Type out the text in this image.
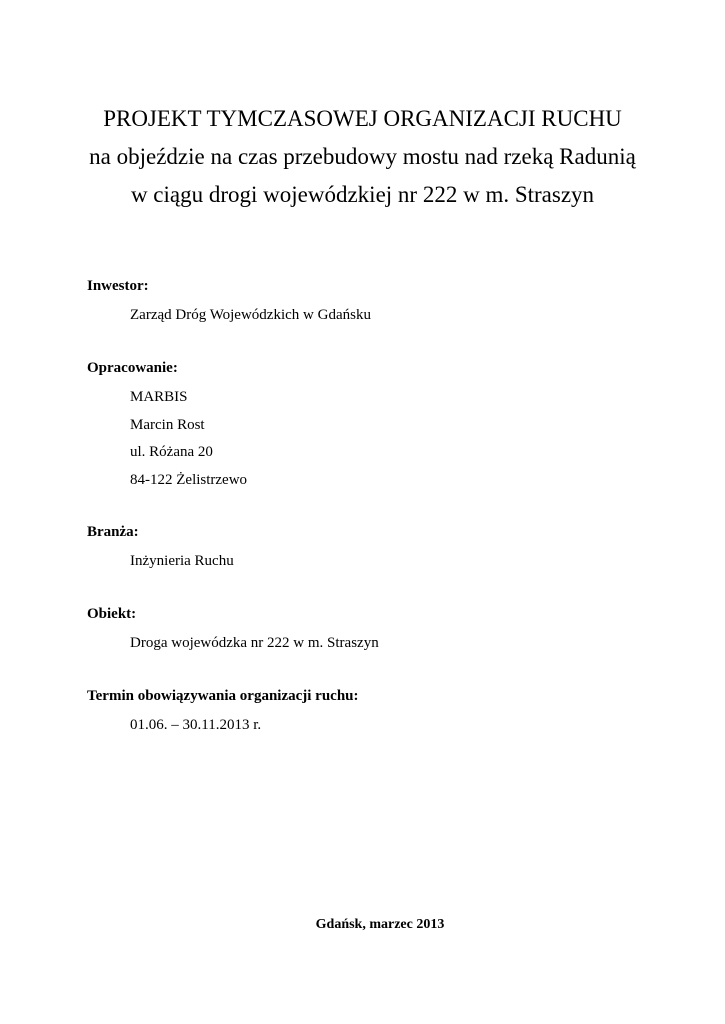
PROJEKT TYMCZASOWEJ ORGANIZACJI RUCHU
na objeździe na czas przebudowy mostu nad rzeką Radunią
w ciągu drogi wojewódzkiej nr 222 w m. Straszyn
Inwestor:
Zarząd Dróg Wojewódzkich w Gdańsku
Opracowanie:
MARBIS
Marcin Rost
ul. Różana 20
84-122 Żelistrzewo
Branża:
Inżynieria Ruchu
Obiekt:
Droga wojewódzka nr 222 w m. Straszyn
Termin obowiązywania organizacji ruchu:
01.06. – 30.11.2013 r.
Gdańsk, marzec 2013
